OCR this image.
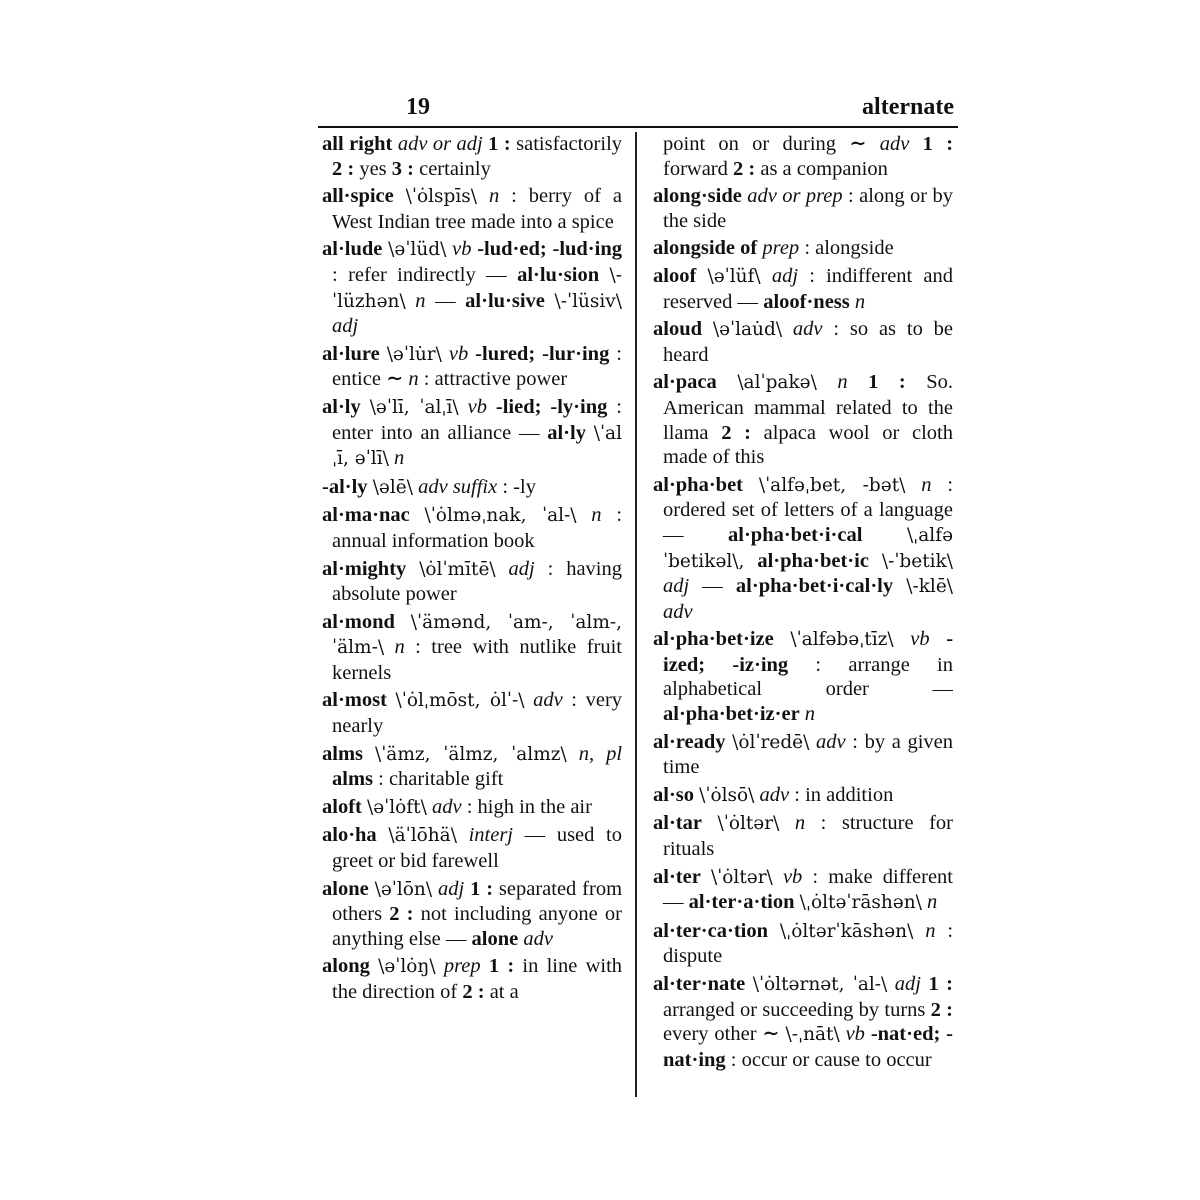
19	alternate

all right adv or adj 1 : satisfactorily 2 : yes 3 : certainly

all·spice \ˈȯlspīs\ n : berry of a West Indian tree made into a spice

al·lude \əˈlüd\ vb -lud·ed; -lud·ing : refer indirectly — al·lu·sion \-ˈlüzhən\ n — al·lu·sive \-ˈlüsiv\ adj

al·lure \əˈlu̇r\ vb -lured; -lur·ing : entice ∼ n : attractive power

al·ly \əˈlī, ˈalˌī\ vb -lied; -ly·ing : enter into an alliance — al·ly \ˈalˌī, əˈlī\ n

-al·ly \əlē\ adv suffix : -ly

al·ma·nac \ˈȯlməˌnak, ˈal-\ n : annual information book

al·mighty \ȯlˈmītē\ adj : having absolute power

al·mond \ˈämənd, ˈam-, ˈalm-, ˈälm-\ n : tree with nutlike fruit kernels

al·most \ˈȯlˌmōst, ȯlˈ-\ adv : very nearly

alms \ˈämz, ˈälmz, ˈalmz\ n, pl alms : charitable gift

aloft \əˈlȯft\ adv : high in the air

alo·ha \äˈlōhä\ interj — used to greet or bid farewell

alone \əˈlōn\ adj 1 : separated from others 2 : not including anyone or anything else — alone adv

along \əˈlȯŋ\ prep 1 : in line with the direction of 2 : at a

point on or during ∼ adv 1 : forward 2 : as a companion

along·side adv or prep : along or by the side

alongside of prep : alongside

aloof \əˈlüf\ adj : indifferent and reserved — aloof·ness n

aloud \əˈlau̇d\ adv : so as to be heard

al·paca \alˈpakə\ n 1 : So. American mammal related to the llama 2 : alpaca wool or cloth made of this

al·pha·bet \ˈalfəˌbet, -bət\ n : ordered set of letters of a language — al·pha·bet·i·cal \ˌalfəˈbetikəl\, al·pha·bet·ic \-ˈbetik\ adj — al·pha·bet·i·cal·ly \-klē\ adv

al·pha·bet·ize \ˈalfəbəˌtīz\ vb -ized; -iz·ing : arrange in alphabetical order — al·pha·bet·iz·er n

al·ready \ȯlˈredē\ adv : by a given time

al·so \ˈȯlsō\ adv : in addition

al·tar \ˈȯltər\ n : structure for rituals

al·ter \ˈȯltər\ vb : make different — al·ter·a·tion \ˌȯltəˈrāshən\ n

al·ter·ca·tion \ˌȯltərˈkāshən\ n : dispute

al·ter·nate \ˈȯltərnət, ˈal-\ adj 1 : arranged or succeeding by turns 2 : every other ∼ \-ˌnāt\ vb -nat·ed; -nat·ing : occur or cause to occur
